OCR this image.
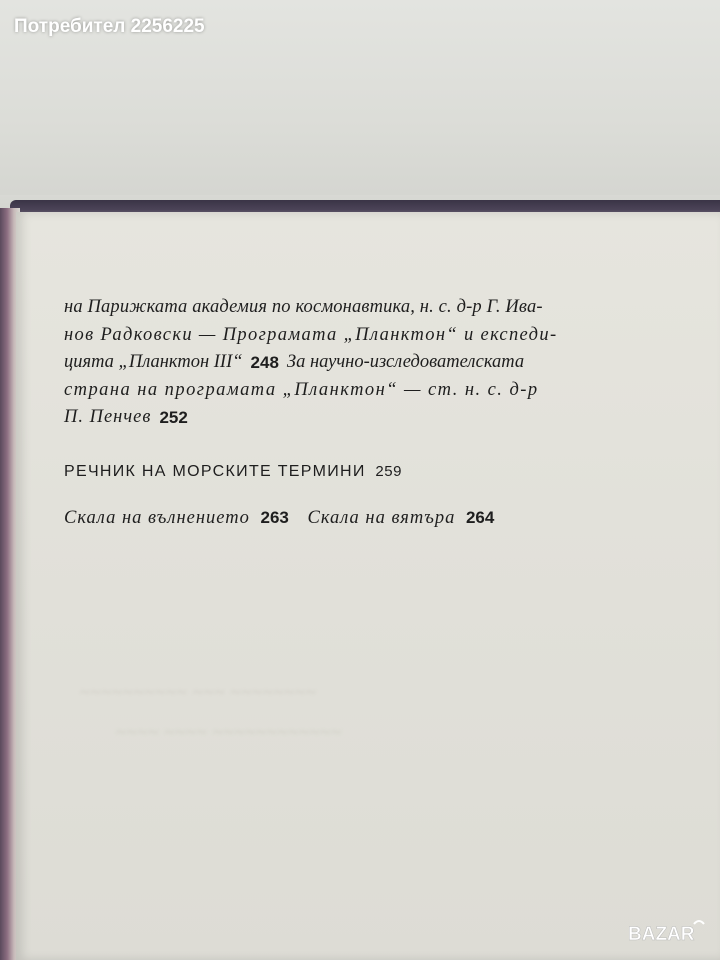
~~~~~~~~~~ ~~~ ~~~~~~~~
~~~~ ~~~~ ~~~~~~~~~~~~
Потребител 2256225
на Парижката академия по космонавтика, н. с. д-р Г. Ива-
нов Радковски — Програмата „Планктон“ и експеди-
цията „Планктон III“ 248 За научно-изследователската
страна на програмата „Планктон“ — ст. н. с. д-р
П. Пенчев 252
РЕЧНИК НА МОРСКИТЕ ТЕРМИНИ 259
Скала на вълнението 263 Скала на вятъра 264
BAZAR
